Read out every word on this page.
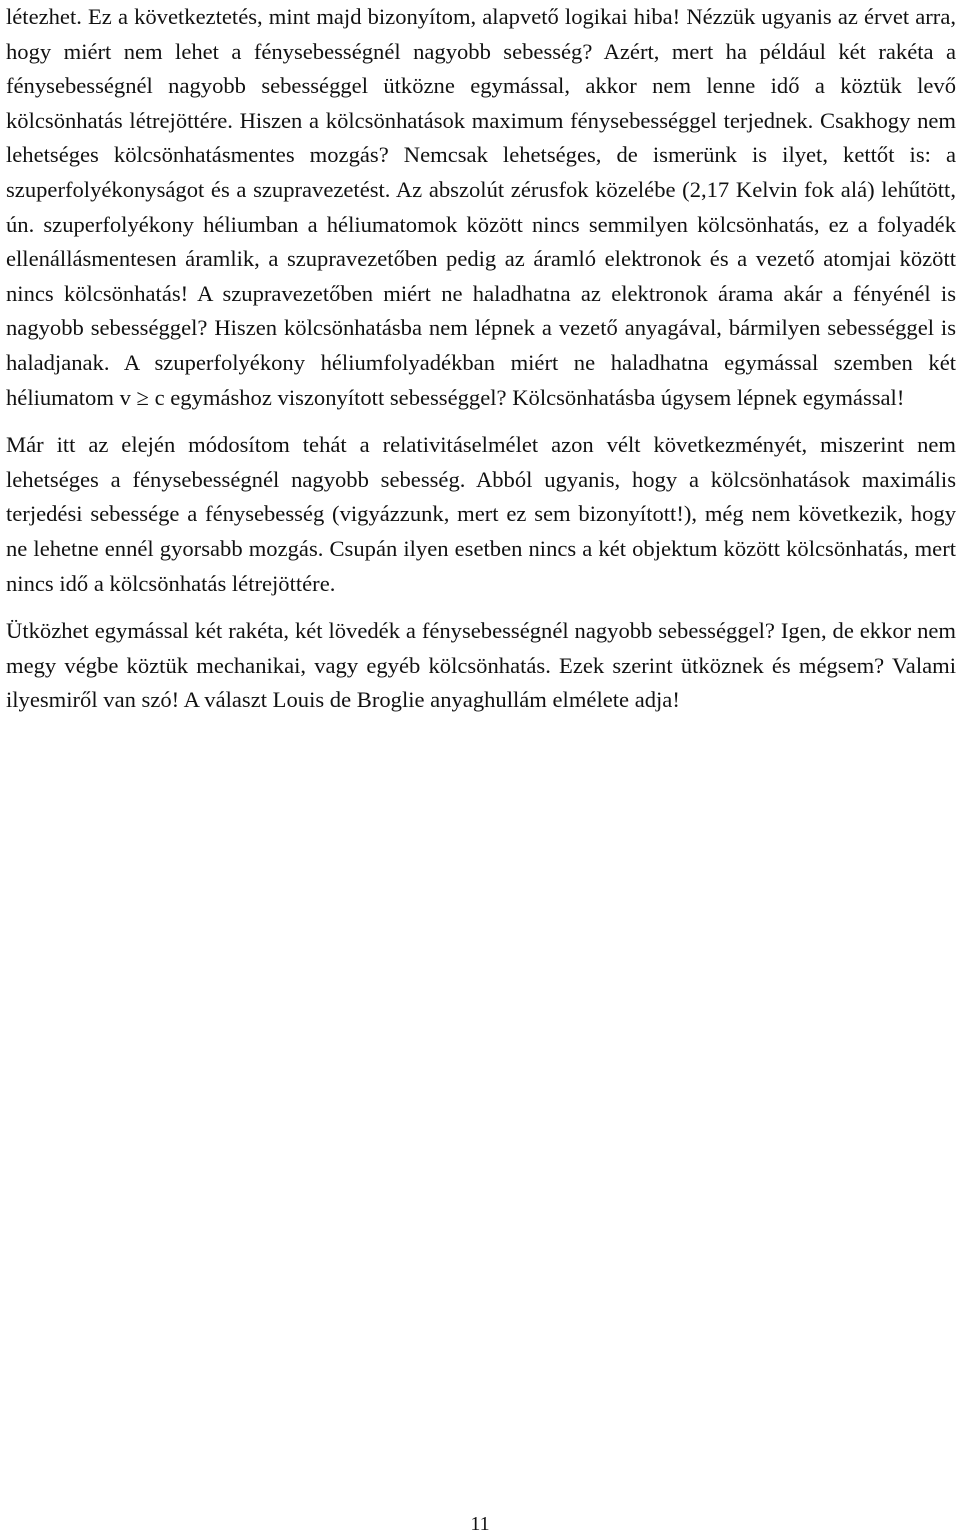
létezhet. Ez a következtetés, mint majd bizonyítom, alapvető logikai hiba! Nézzük ugyanis az érvet arra, hogy miért nem lehet a fénysebességnél nagyobb sebesség? Azért, mert ha például két rakéta a fénysebességnél nagyobb sebességgel ütközne egymással, akkor nem lenne idő a köztük levő kölcsönhatás létrejöttére. Hiszen a kölcsönhatások maximum fénysebességgel terjednek. Csakhogy nem lehetséges kölcsönhatásmentes mozgás? Nemcsak lehetséges, de ismerünk is ilyet, kettőt is: a szuperfolyékonyságot és a szupravezetést. Az abszolút zérusfok közelébe (2,17 Kelvin fok alá) lehűtött, ún. szuperfolyékony héliumban a héliumatomok között nincs semmilyen kölcsönhatás, ez a folyadék ellenállásmentesen áramlik, a szupravezetőben pedig az áramló elektronok és a vezető atomjai között nincs kölcsönhatás! A szupravezetőben miért ne haladhatna az elektronok árama akár a fényénél is nagyobb sebességgel? Hiszen kölcsönhatásba nem lépnek a vezető anyagával, bármilyen sebességgel is haladjanak. A szuperfolyékony héliumfolyadékban miért ne haladhatna egymással szemben két héliumatom v ≥ c egymáshoz viszonyított sebességgel? Kölcsönhatásba úgysem lépnek egymással!

Már itt az elején módosítom tehát a relativitáselmélet azon vélt következményét, miszerint nem lehetséges a fénysebességnél nagyobb sebesség. Abból ugyanis, hogy a kölcsönhatások maximális terjedési sebessége a fénysebesség (vigyázzunk, mert ez sem bizonyított!), még nem következik, hogy ne lehetne ennél gyorsabb mozgás. Csupán ilyen esetben nincs a két objektum között kölcsönhatás, mert nincs idő a kölcsönhatás létrejöttére.

Ütközhet egymással két rakéta, két lövedék a fénysebességnél nagyobb sebességgel? Igen, de ekkor nem megy végbe köztük mechanikai, vagy egyéb kölcsönhatás. Ezek szerint ütköznek és mégsem? Valami ilyesmiről van szó! A választ Louis de Broglie anyaghullám elmélete adja!

11
